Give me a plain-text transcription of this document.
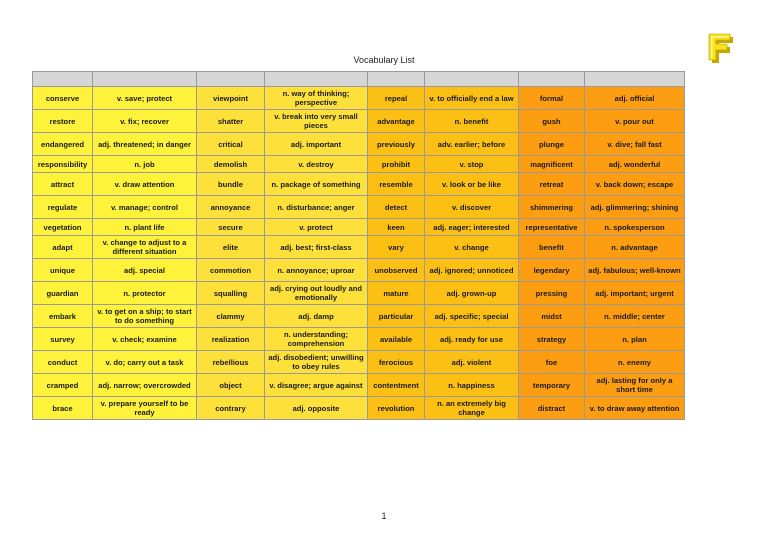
Vocabulary List

conserve	v. save; protect	viewpoint	n. way of thinking; perspective	repeal	v. to officially end a law	formal	adj. official
restore	v. fix; recover	shatter	v. break into very small pieces	advantage	n. benefit	gush	v. pour out
endangered	adj. threatened; in danger	critical	adj. important	previously	adv. earlier; before	plunge	v. dive; fall fast
responsibility	n. job	demolish	v. destroy	prohibit	v. stop	magnificent	adj. wonderful
attract	v. draw attention	bundle	n. package of something	resemble	v. look or be like	retreat	v. back down; escape
regulate	v. manage; control	annoyance	n. disturbance; anger	detect	v. discover	shimmering	adj. glimmering; shining
vegetation	n. plant life	secure	v. protect	keen	adj. eager; interested	representative	n. spokesperson
adapt	v. change to adjust to a different situation	elite	adj. best; first-class	vary	v. change	benefit	n. advantage
unique	adj. special	commotion	n. annoyance; uproar	unobserved	adj. ignored; unnoticed	legendary	adj. fabulous; well-known
guardian	n. protector	squalling	adj. crying out loudly and emotionally	mature	adj. grown-up	pressing	adj. important; urgent
embark	v. to get on a ship; to start to do something	clammy	adj. damp	particular	adj. specific; special	midst	n. middle; center
survey	v. check; examine	realization	n. understanding; comprehension	available	adj. ready for use	strategy	n. plan
conduct	v. do; carry out a task	rebellious	adj. disobedient; unwilling to obey rules	ferocious	adj. violent	foe	n. enemy
cramped	adj. narrow; overcrowded	object	v. disagree; argue against	contentment	n. happiness	temporary	adj. lasting for only a short time
brace	v. prepare yourself to be ready	contrary	adj. opposite	revolution	n. an extremely big change	distract	v. to draw away attention
1
